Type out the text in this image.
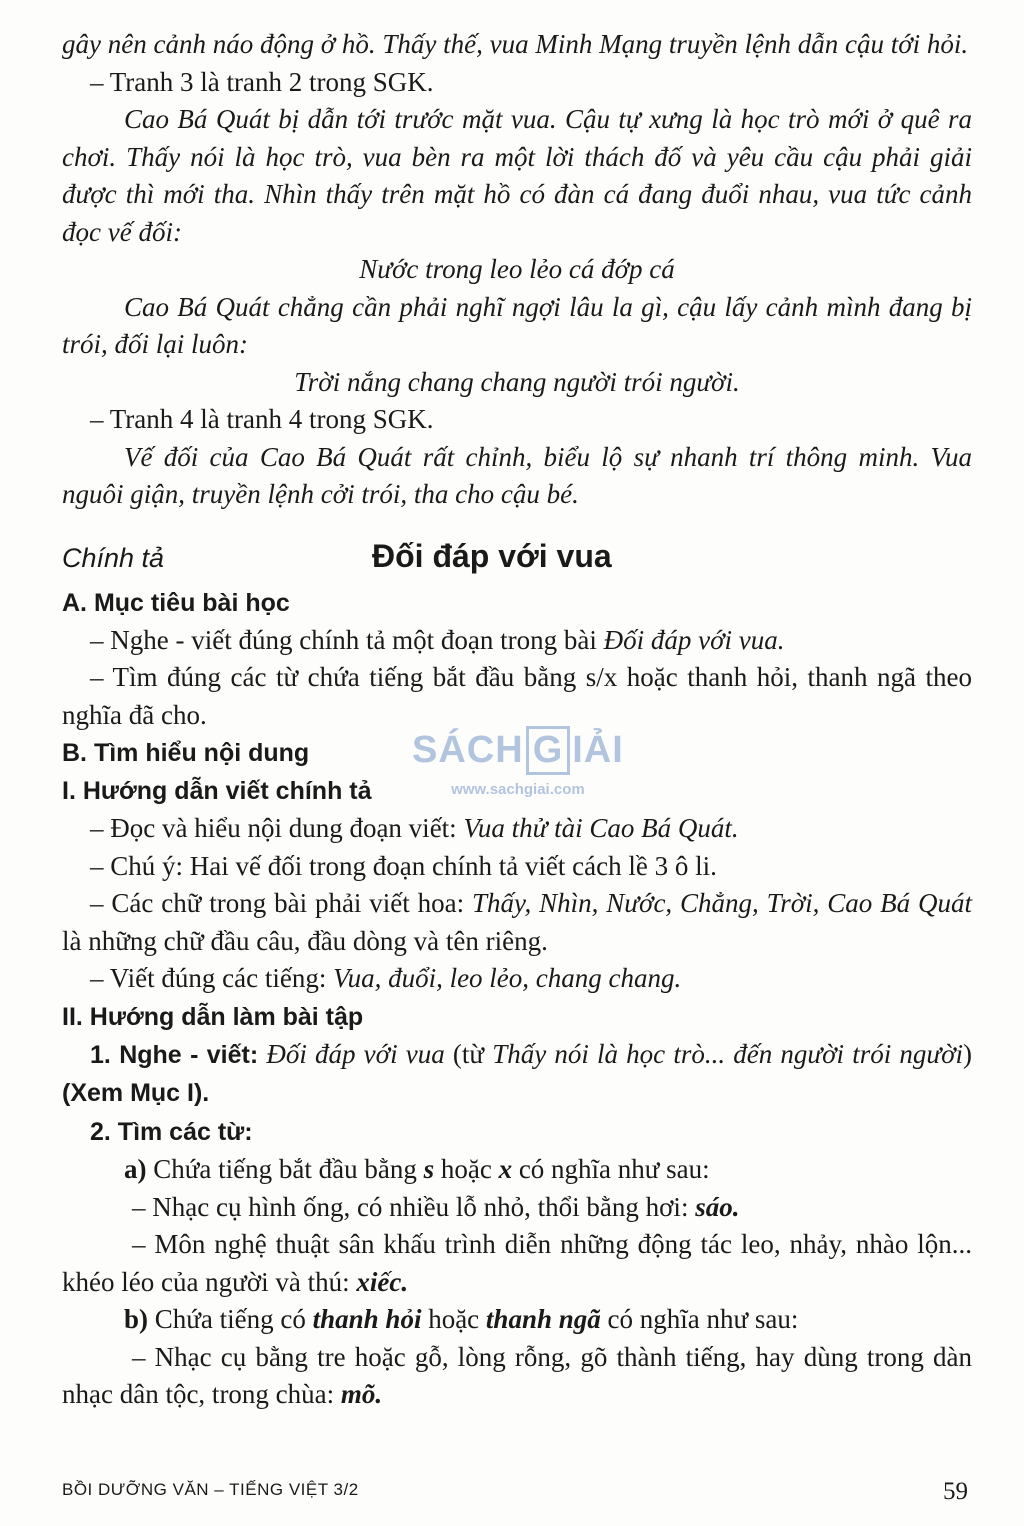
gây nên cảnh náo động ở hồ. Thấy thế, vua Minh Mạng truyền lệnh dẫn cậu tới hỏi.

– Tranh 3 là tranh 2 trong SGK.

Cao Bá Quát bị dẫn tới trước mặt vua. Cậu tự xưng là học trò mới ở quê ra chơi. Thấy nói là học trò, vua bèn ra một lời thách đố và yêu cầu cậu phải giải được thì mới tha. Nhìn thấy trên mặt hồ có đàn cá đang đuổi nhau, vua tức cảnh đọc vế đối:

Nước trong leo lẻo cá đớp cá

Cao Bá Quát chẳng cần phải nghĩ ngợi lâu la gì, cậu lấy cảnh mình đang bị trói, đối lại luôn:

Trời nắng chang chang người trói người.

– Tranh 4 là tranh 4 trong SGK.

Vế đối của Cao Bá Quát rất chỉnh, biểu lộ sự nhanh trí thông minh. Vua nguôi giận, truyền lệnh cởi trói, tha cho cậu bé.

Chính tả	Đối đáp với vua
A. Mục tiêu bài học

– Nghe - viết đúng chính tả một đoạn trong bài Đối đáp với vua.

– Tìm đúng các từ chứa tiếng bắt đầu bằng s/x hoặc thanh hỏi, thanh ngã theo nghĩa đã cho.

B. Tìm hiểu nội dung
I. Hướng dẫn viết chính tả

– Đọc và hiểu nội dung đoạn viết: Vua thử tài Cao Bá Quát.

– Chú ý: Hai vế đối trong đoạn chính tả viết cách lề 3 ô li.

– Các chữ trong bài phải viết hoa: Thấy, Nhìn, Nước, Chẳng, Trời, Cao Bá Quát là những chữ đầu câu, đầu dòng và tên riêng.

– Viết đúng các tiếng: Vua, đuổi, leo lẻo, chang chang.

II. Hướng dẫn làm bài tập

1. Nghe - viết: Đối đáp với vua (từ Thấy nói là học trò... đến người trói người) (Xem Mục I).

2. Tìm các từ:

a) Chứa tiếng bắt đầu bằng s hoặc x có nghĩa như sau:

– Nhạc cụ hình ống, có nhiều lỗ nhỏ, thổi bằng hơi: sáo.

– Môn nghệ thuật sân khấu trình diễn những động tác leo, nhảy, nhào lộn... khéo léo của người và thú: xiếc.

b) Chứa tiếng có thanh hỏi hoặc thanh ngã có nghĩa như sau:

– Nhạc cụ bằng tre hoặc gỗ, lòng rỗng, gõ thành tiếng, hay dùng trong dàn nhạc dân tộc, trong chùa: mõ.

SÁCH G IẢI
www.sachgiai.com
BỒI DƯỠNG VĂN – TIẾNG VIỆT 3/2	59
